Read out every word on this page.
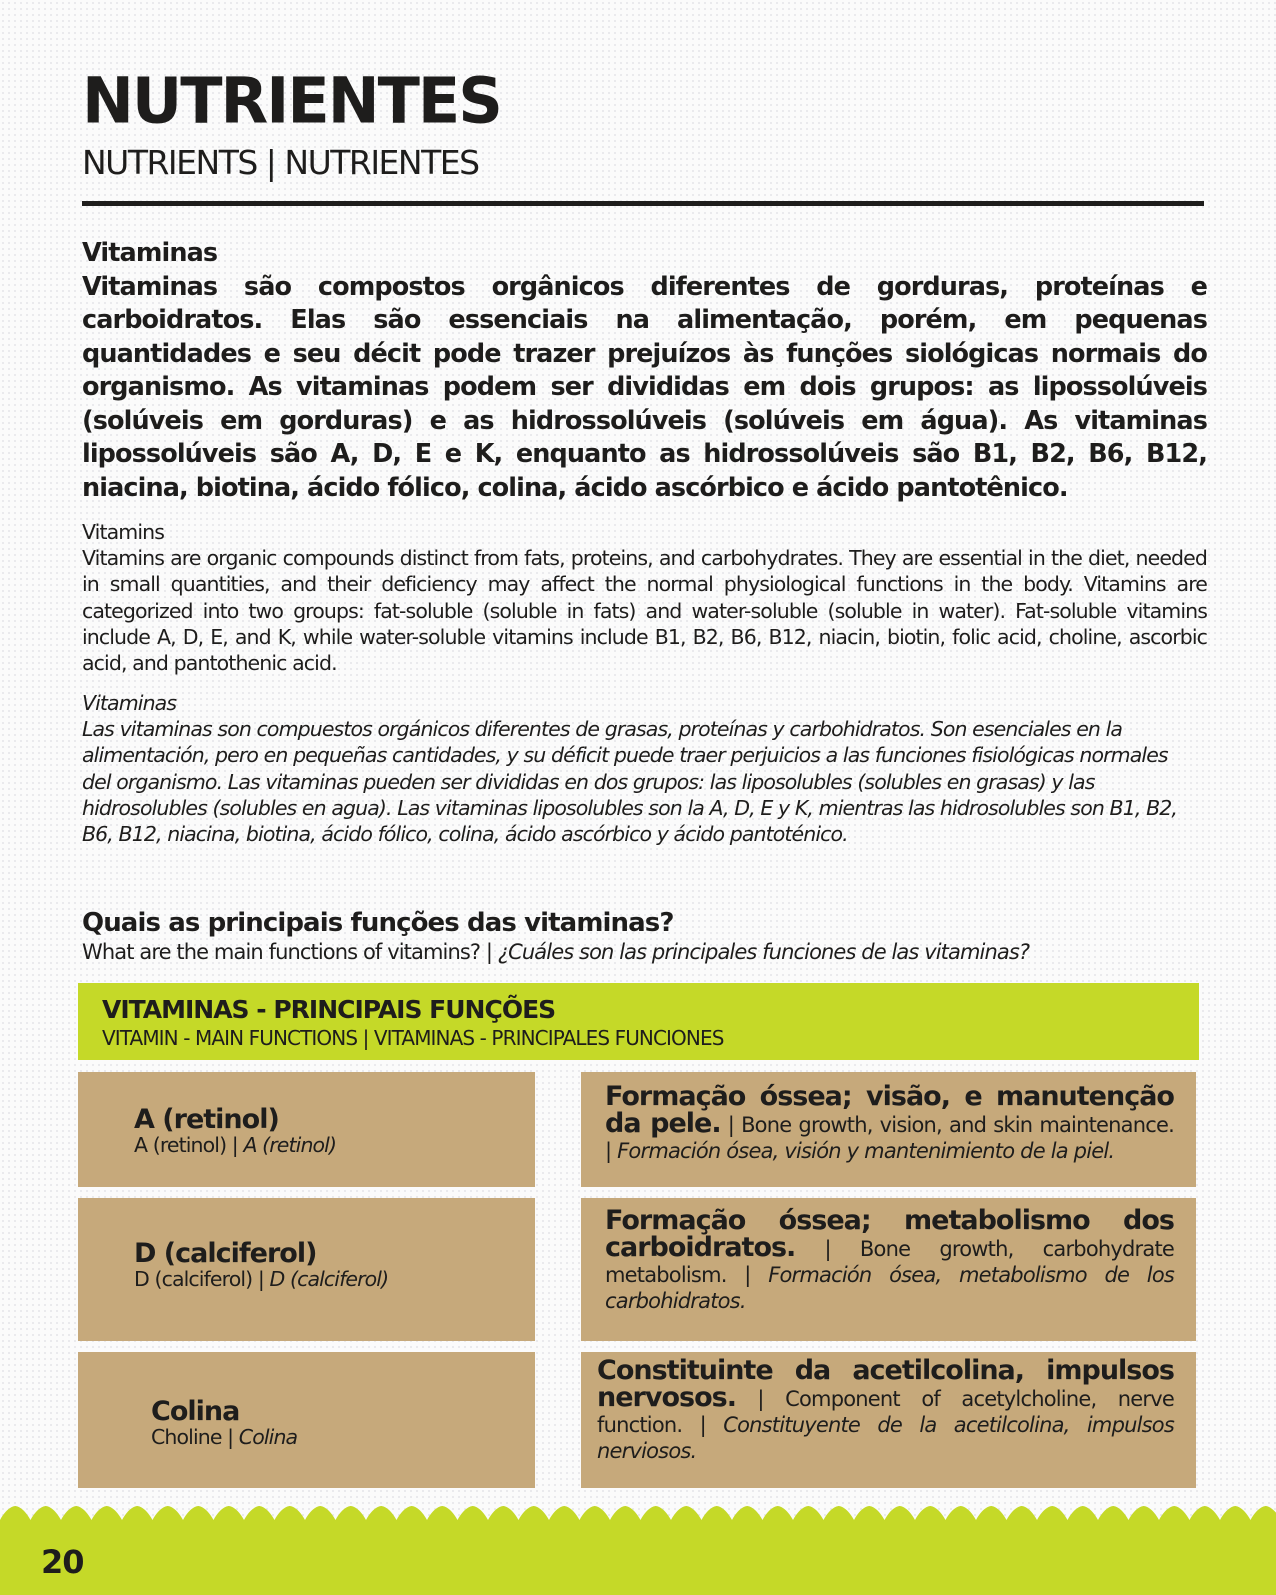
NUTRIENTES
NUTRIENTS | NUTRIENTES
Vitaminas
Vitaminas são compostos orgânicos diferentes de gorduras, proteínas e carboidratos. Elas são essenciais na alimentação, porém, em pequenas quantidades e seu décit pode trazer prejuízos às funções siológicas normais do organismo. As vitaminas podem ser divididas em dois grupos: as lipossolúveis (solúveis em gorduras) e as hidrossolúveis (solúveis em água). As vitaminas lipossolúveis são A, D, E e K, enquanto as hidrossolúveis são B1, B2, B6, B12, niacina, biotina, ácido fólico, colina, ácido ascórbico e ácido pantotênico.
Vitamins
Vitamins are organic compounds distinct from fats, proteins, and carbohydrates. They are essential in the diet, needed in small quantities, and their deficiency may affect the normal physiological functions in the body. Vitamins are categorized into two groups: fat-soluble (soluble in fats) and water-soluble (soluble in water). Fat-soluble vitamins include A, D, E, and K, while water-soluble vitamins include B1, B2, B6, B12, niacin, biotin, folic acid, choline, ascorbic acid, and pantothenic acid.
Vitaminas
Las vitaminas son compuestos orgánicos diferentes de grasas, proteínas y carbohidratos. Son esenciales en la alimentación, pero en pequeñas cantidades, y su déficit puede traer perjuicios a las funciones fisiológicas normales del organismo. Las vitaminas pueden ser divididas en dos grupos: las liposolubles (solubles en grasas) y las hidrosolubles (solubles en agua). Las vitaminas liposolubles son la A, D, E y K, mientras las hidrosolubles son B1, B2, B6, B12, niacina, biotina, ácido fólico, colina, ácido ascórbico y ácido pantoténico.
Quais as principais funções das vitaminas?
What are the main functions of vitamins? | ¿Cuáles son las principales funciones de las vitaminas?
VITAMINAS - PRINCIPAIS FUNÇÕES
VITAMIN - MAIN FUNCTIONS | VITAMINAS - PRINCIPALES FUNCIONES
A (retinol)
A (retinol) | A (retinol)
Formação óssea; visão, e manutenção da pele. | Bone growth, vision, and skin maintenance. | Formación ósea, visión y mantenimiento de la piel.
D (calciferol)
D (calciferol) | D (calciferol)
Formação óssea; metabolismo dos carboidratos. | Bone growth, carbohydrate metabolism. | Formación ósea, metabolismo de los carbohidratos.
Colina
Choline | Colina
Constituinte da acetilcolina, impulsos nervosos. | Component of acetylcholine, nerve function. | Constituyente de la acetilcolina, impulsos nerviosos.
20
